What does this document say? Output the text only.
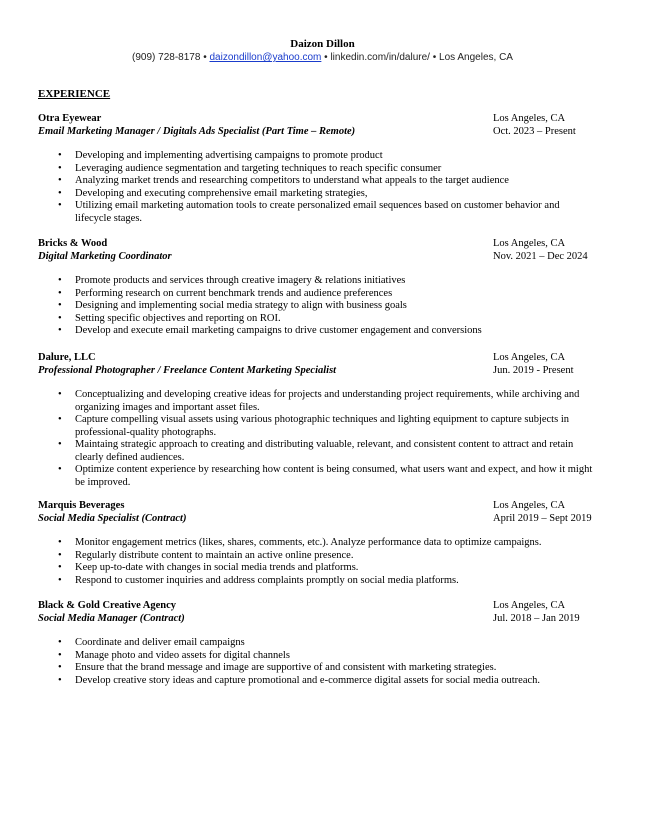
Daizon Dillon
(909) 728-8178 • daizondillon@yahoo.com • linkedin.com/in/dalure/ • Los Angeles, CA
EXPERIENCE
Otra Eyewear	Los Angeles, CA
Email Marketing Manager / Digitals Ads Specialist (Part Time – Remote)	Oct. 2023 – Present
• Developing and implementing advertising campaigns to promote product
• Leveraging audience segmentation and targeting techniques to reach specific consumer
• Analyzing market trends and researching competitors to understand what appeals to the target audience
• Developing and executing comprehensive email marketing strategies,
• Utilizing email marketing automation tools to create personalized email sequences based on customer behavior and lifecycle stages.
Bricks & Wood	Los Angeles, CA
Digital Marketing Coordinator	Nov. 2021 – Dec 2024
• Promote products and services through creative imagery & relations initiatives
• Performing research on current benchmark trends and audience preferences
• Designing and implementing social media strategy to align with business goals
• Setting specific objectives and reporting on ROI.
• Develop and execute email marketing campaigns to drive customer engagement and conversions
Dalure, LLC	Los Angeles, CA
Professional Photographer / Freelance Content Marketing Specialist	Jun. 2019 - Present
• Conceptualizing and developing creative ideas for projects and understanding project requirements, while archiving and organizing images and important asset files.
• Capture compelling visual assets using various photographic techniques and lighting equipment to capture subjects in professional-quality photographs.
• Maintaing strategic approach to creating and distributing valuable, relevant, and consistent content to attract and retain clearly defined audiences.
• Optimize content experience by researching how content is being consumed, what users want and expect, and how it might be improved.
Marquis Beverages	Los Angeles, CA
Social Media Specialist (Contract)	April 2019 – Sept 2019
• Monitor engagement metrics (likes, shares, comments, etc.). Analyze performance data to optimize campaigns.
• Regularly distribute content to maintain an active online presence.
• Keep up-to-date with changes in social media trends and platforms.
• Respond to customer inquiries and address complaints promptly on social media platforms.
Black & Gold Creative Agency	Los Angeles, CA
Social Media Manager (Contract)	Jul. 2018 – Jan 2019
• Coordinate and deliver email campaigns
• Manage photo and video assets for digital channels
• Ensure that the brand message and image are supportive of and consistent with marketing strategies.
• Develop creative story ideas and capture promotional and e-commerce digital assets for social media outreach.
